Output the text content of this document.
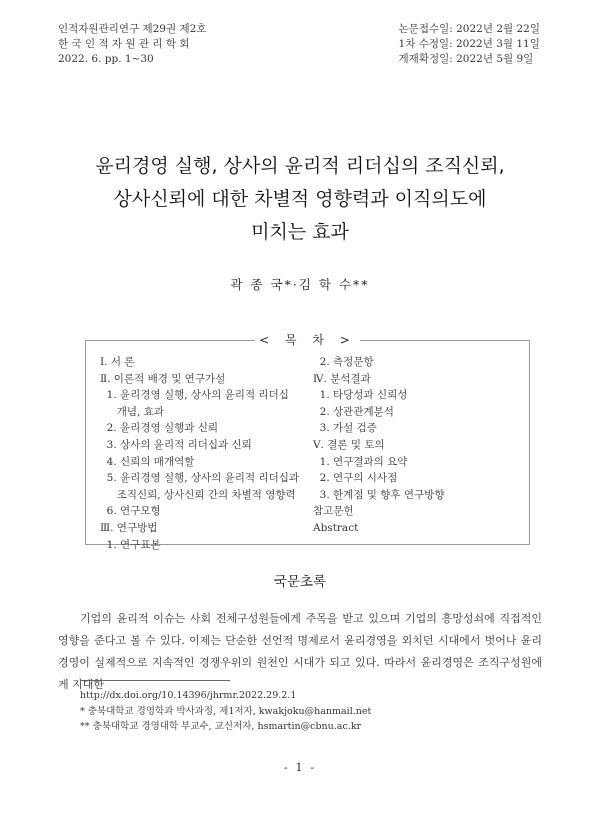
인적자원관리연구 제29권 제2호
한 국 인 적 자 원 관 리 학 회
2022. 6. pp. 1~30
논문접수일: 2022년 2월 22일
1차 수정일: 2022년 3월 11일
게재확정일: 2022년 5월 9일
윤리경영 실행, 상사의 윤리적 리더십의 조직신뢰,
상사신뢰에 대한 차별적 영향력과 이직의도에
미치는 효과
곽 종 국*·김 학 수**
< 목 차 >
Ⅰ. 서 론
Ⅱ. 이론적 배경 및 연구가설
1. 윤리경영 실행, 상사의 윤리적 리더십
개념, 효과
2. 윤리경영 실행과 신뢰
3. 상사의 윤리적 리더십과 신뢰
4. 신뢰의 매개역할
5. 윤리경영 실행, 상사의 윤리적 리더십과
조직신뢰, 상사신뢰 간의 차별적 영향력
6. 연구모형
Ⅲ. 연구방법
1. 연구표본
2. 측정문항
Ⅳ. 분석결과
1. 타당성과 신뢰성
2. 상관관계분석
3. 가설 검증
Ⅴ. 결론 및 토의
1. 연구결과의 요약
2. 연구의 시사점
3. 한계점 및 향후 연구방향
참고문헌
Abstract
국문초록

기업의 윤리적 이슈는 사회 전체구성원들에게 주목을 받고 있으며 기업의 흥망성쇠에 직접적인 영향을 준다고 볼 수 있다. 이제는 단순한 선언적 명제로서 윤리경영을 외치던 시대에서 벗어나 윤리경영이 실제적으로 지속적인 경쟁우위의 원천인 시대가 되고 있다. 따라서 윤리경영은 조직구성원에게 지대한

http://dx.doi.org/10.14396/jhrmr.2022.29.2.1
* 충북대학교 경영학과 박사과정, 제1저자, kwakjoku@hanmail.net
** 충북대학교 경영대학 부교수, 교신저자, hsmartin@cbnu.ac.kr
- 1 -
